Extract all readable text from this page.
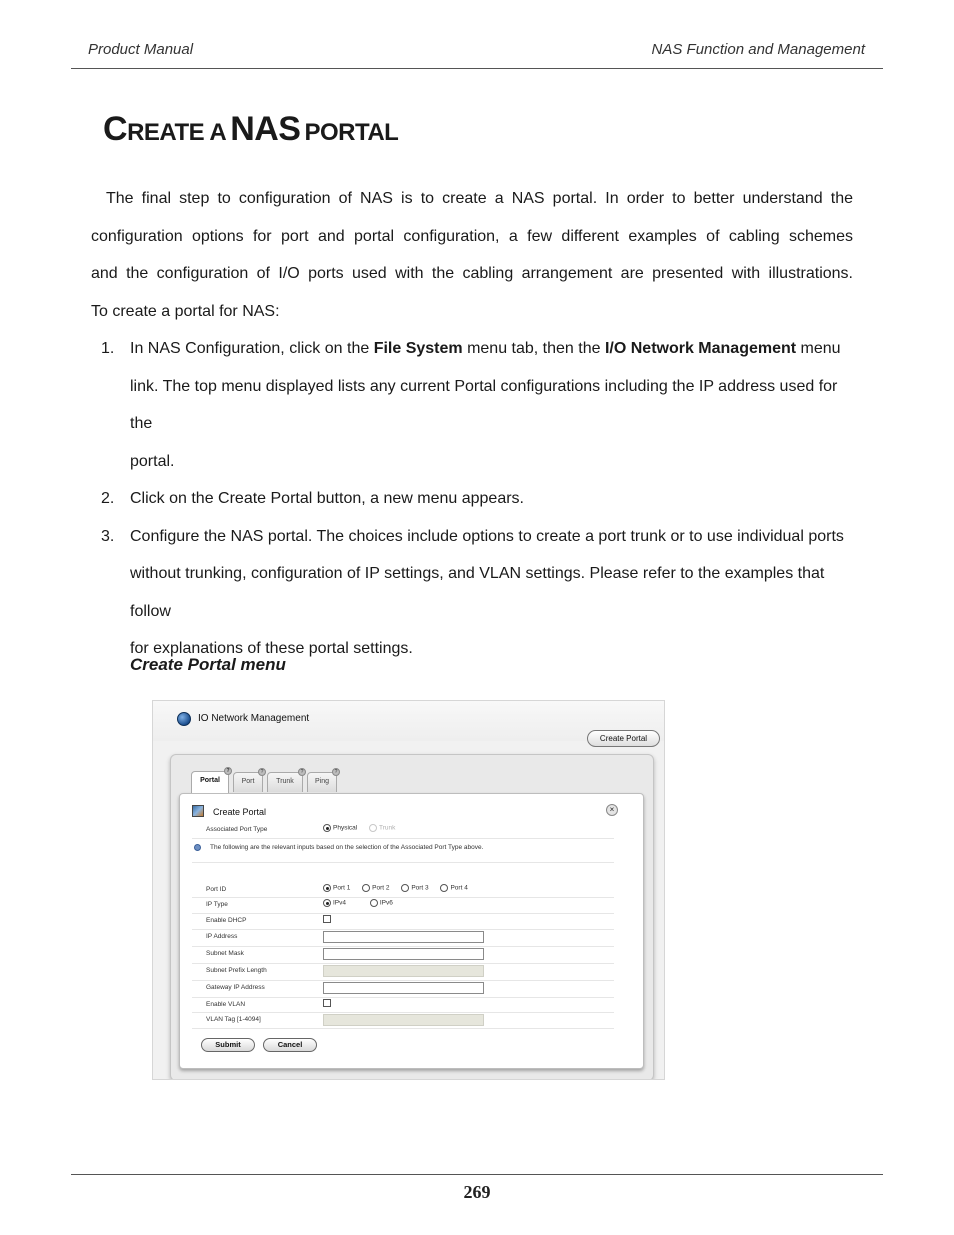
Product Manual	NAS Function and Management
CREATE A NAS PORTAL
The final step to configuration of NAS is to create a NAS portal. In order to better understand the
configuration options for port and portal configuration, a few different examples of cabling schemes
and the configuration of I/O ports used with the cabling arrangement are presented with illustrations.
To create a portal for NAS:
1. In NAS Configuration, click on the File System menu tab, then the I/O Network Management menu
link. The top menu displayed lists any current Portal configurations including the IP address used for the
portal.
2. Click on the Create Portal button, a new menu appears.
3. Configure the NAS portal. The choices include options to create a port trunk or to use individual ports
without trunking, configuration of IP settings, and VLAN settings. Please refer to the examples that follow
for explanations of these portal settings.
Create Portal menu
IO Network Management
Create Portal
Portal
?
Port
?
Trunk
?
Ping
?
Create Portal	×
Associated Port Type	Physical	Trunk
The following are the relevant inputs based on the selection of the Associated Port Type above.
Port ID	Port 1	Port 2	Port 3	Port 4
IP Type	IPv4	IPv6
Enable DHCP
IP Address
Subnet Mask
Subnet Prefix Length
Gateway IP Address
Enable VLAN
VLAN Tag [1-4094]
Submit	Cancel
269
